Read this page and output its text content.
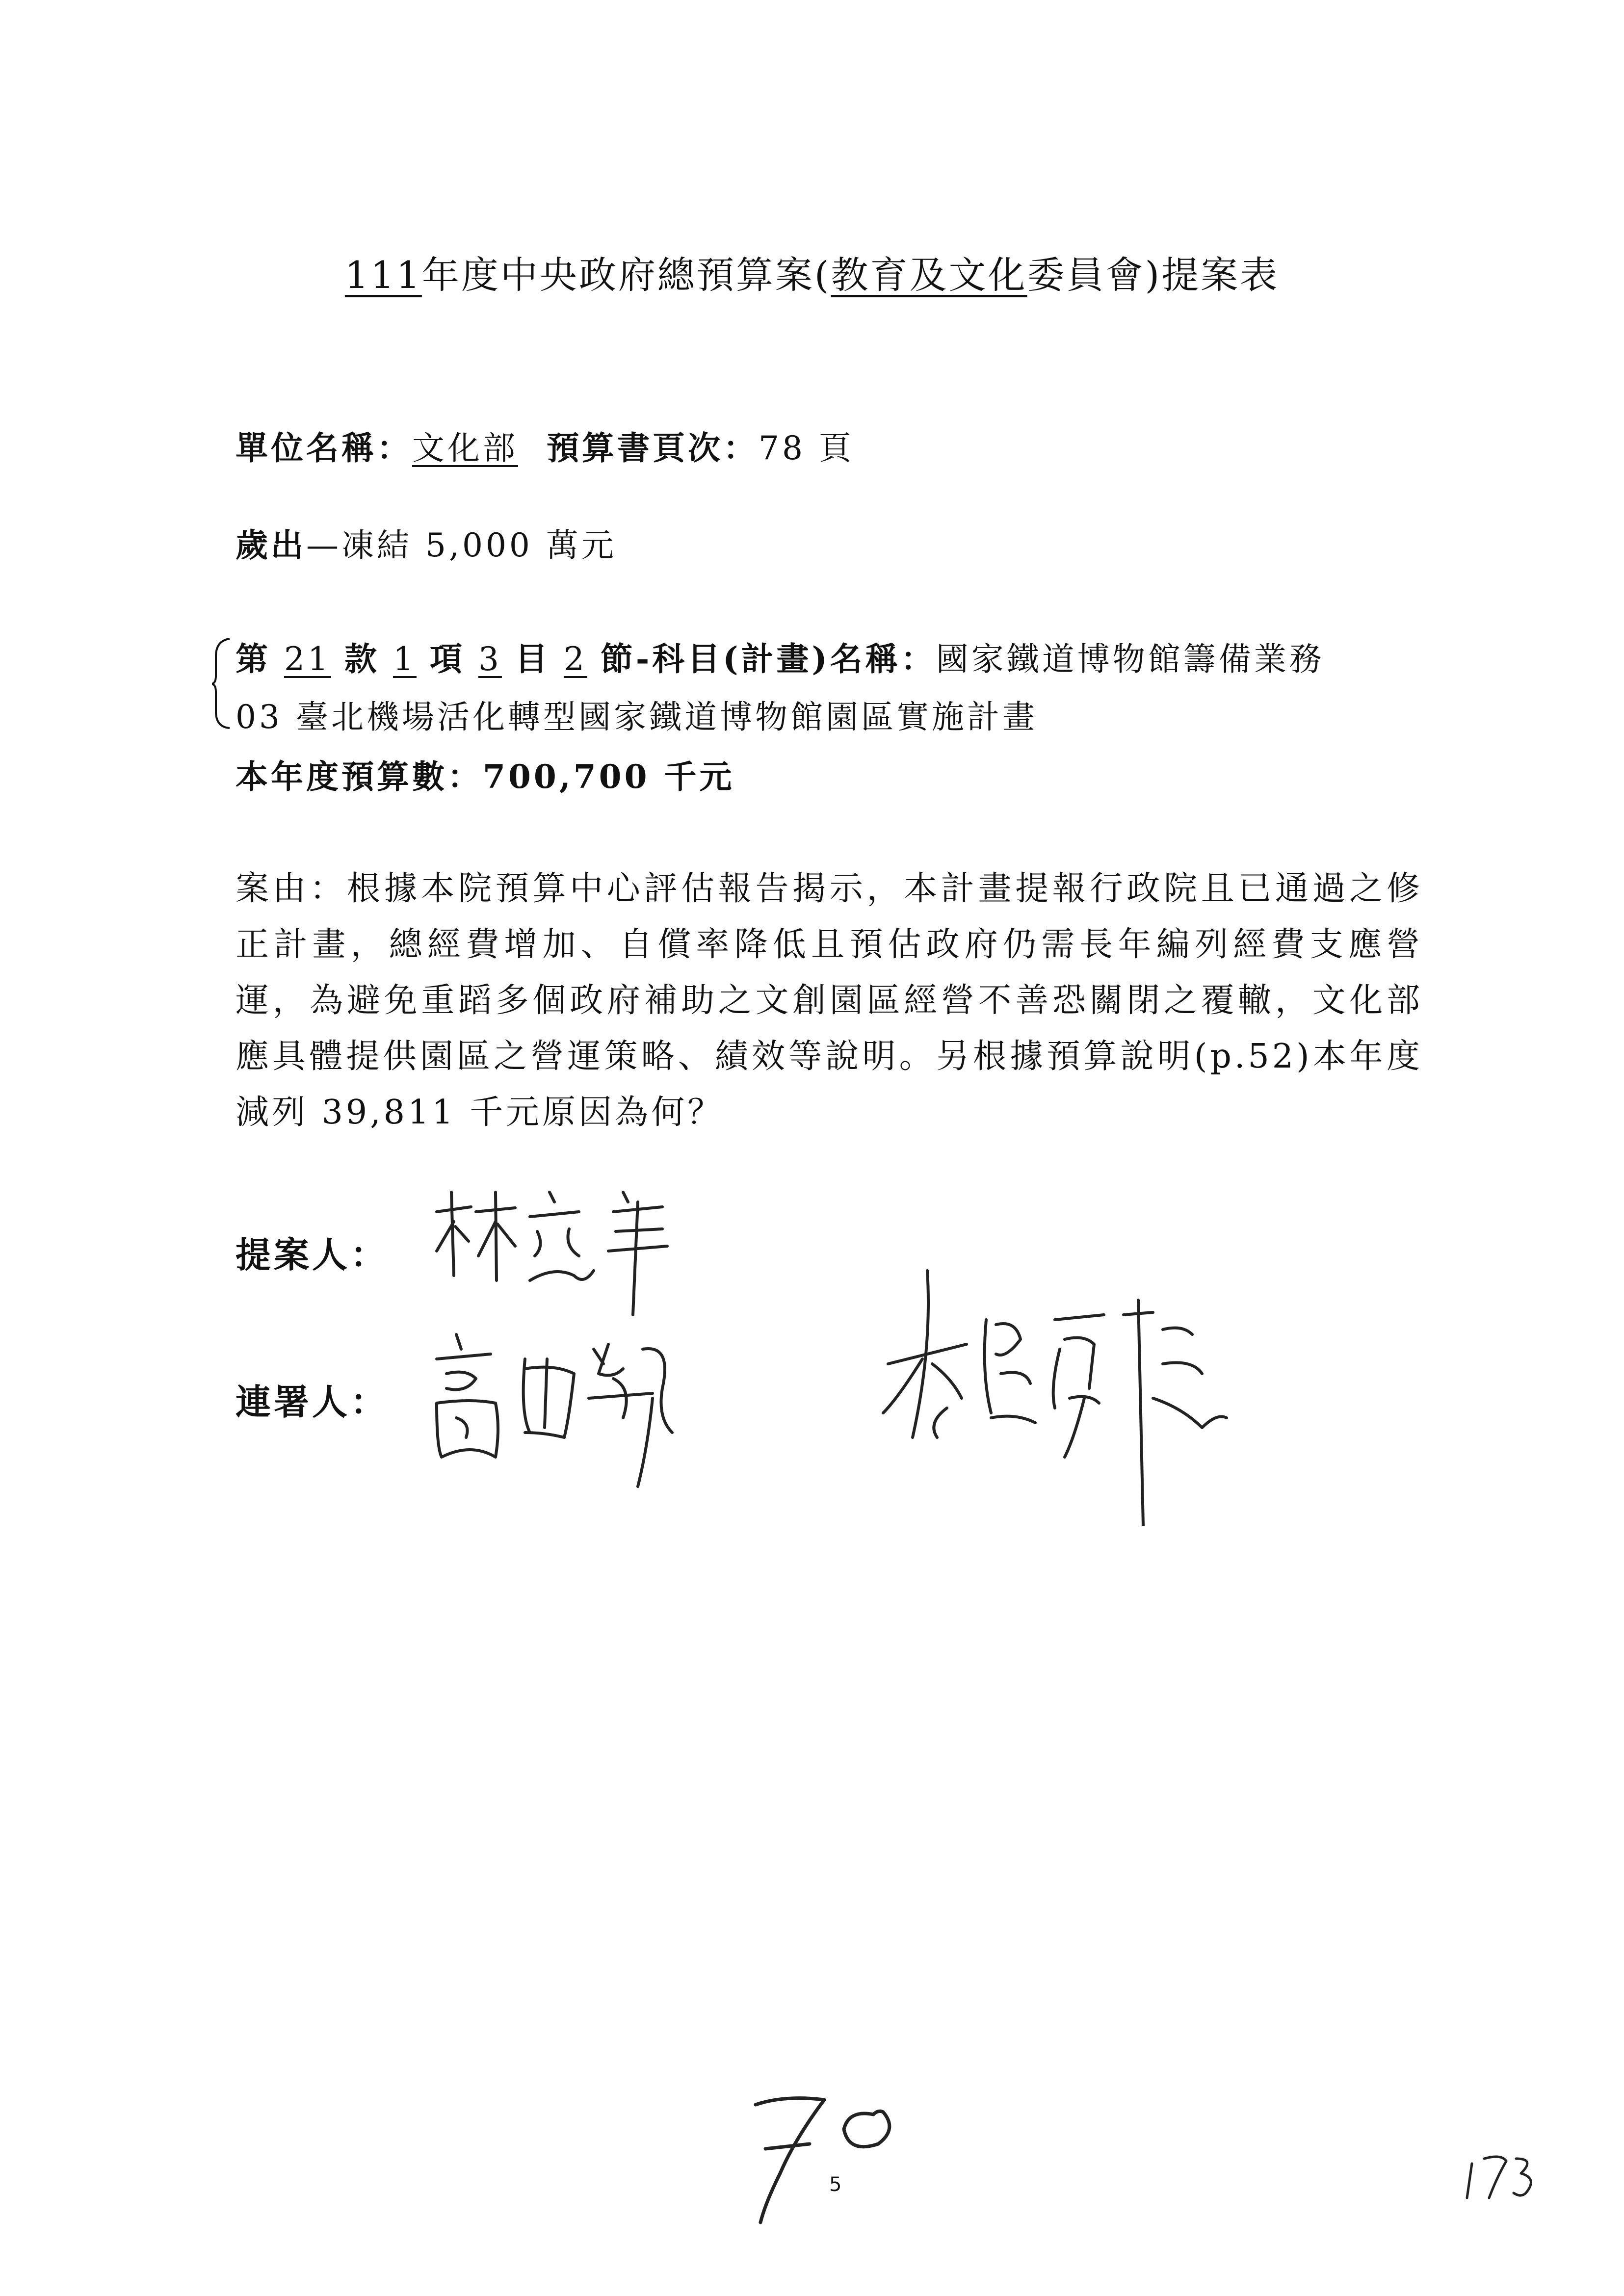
111年度中央政府總預算案(教育及文化委員會)提案表
單位名稱：文化部 預算書頁次：78 頁
歲出—凍結 5,000 萬元
第 21 款 1 項 3 目 2 節-科目(計畫)名稱：國家鐵道博物館籌備業務
03 臺北機場活化轉型國家鐵道博物館園區實施計畫
本年度預算數：700,700 千元
案由：根據本院預算中心評估報告揭示，本計畫提報行政院且已通過之修正計畫，總經費增加、自償率降低且預估政府仍需長年編列經費支應營運，為避免重蹈多個政府補助之文創園區經營不善恐關閉之覆轍，文化部應具體提供園區之營運策略、績效等說明。另根據預算說明(p.52)本年度減列 39,811 千元原因為何？
提案人：
連署人：
5
